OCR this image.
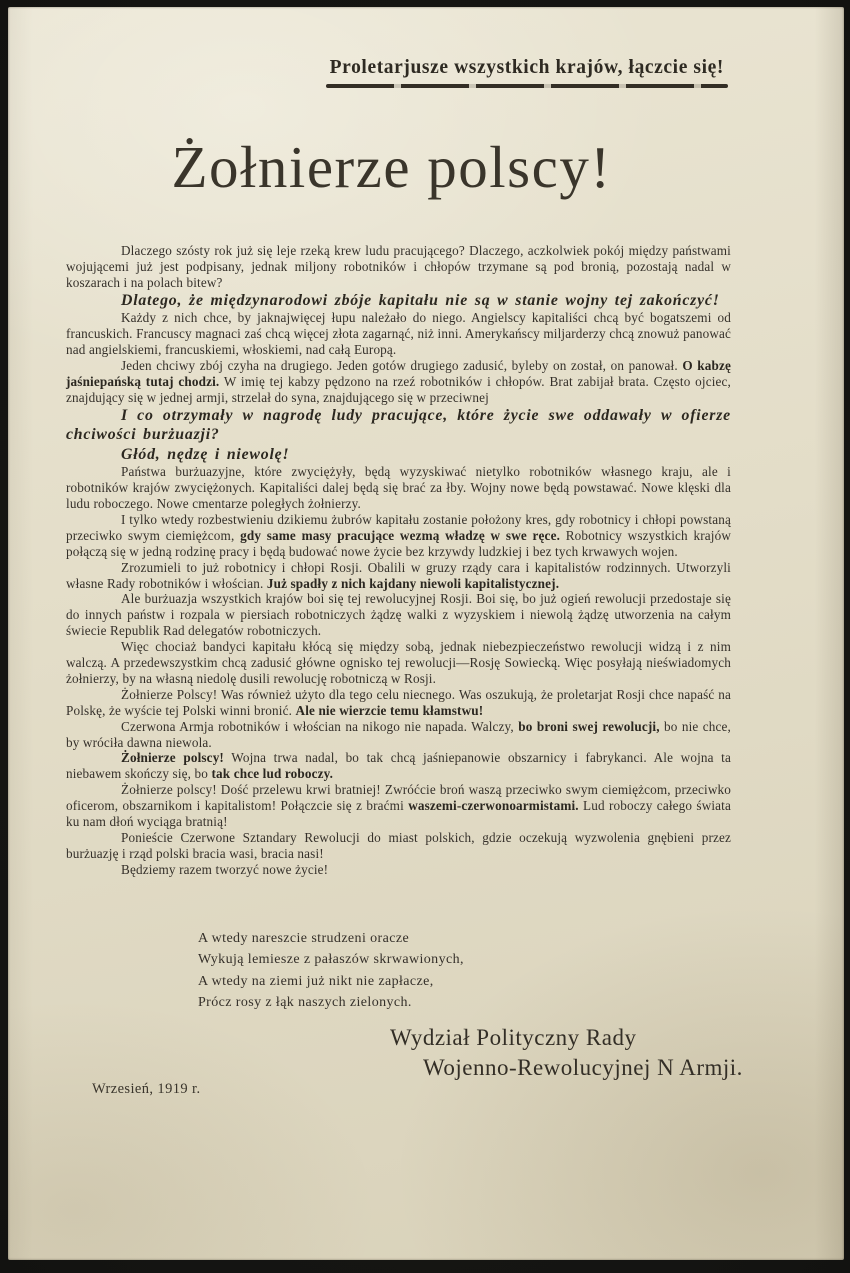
Proletarjusze wszystkich krajów, łączcie się!
Żołnierze polscy!

Dlaczego szósty rok już się leje rzeką krew ludu pracującego? Dlaczego, aczkolwiek pokój między państwami wojującemi już jest podpisany, jednak miljony robotników i chłopów trzymane są pod bronią, pozostają nadal w koszarach i na polach bitew?

Dlatego, że międzynarodowi zbóje kapitału nie są w stanie wojny tej zakończyć!

Każdy z nich chce, by jaknajwięcej łupu należało do niego. Angielscy kapitaliści chcą być bogatszemi od francuskich. Francuscy magnaci zaś chcą więcej złota zagarnąć, niż inni. Amerykańscy miljarderzy chcą znowuż panować nad angielskiemi, francuskiemi, włoskiemi, nad całą Europą.

Jeden chciwy zbój czyha na drugiego. Jeden gotów drugiego zadusić, byleby on został, on panował. O kabzę jaśniepańską tutaj chodzi. W imię tej kabzy pędzono na rzeź robotników i chłopów. Brat zabijał brata. Często ojciec, znajdujący się w jednej armji, strzelał do syna, znajdującego się w przeciwnej

I co otrzymały w nagrodę ludy pracujące, które życie swe oddawały w ofierze chciwości burżuazji?

Głód, nędzę i niewolę!

Państwa burżuazyjne, które zwyciężyły, będą wyzyskiwać nietylko robotników własnego kraju, ale i robotników krajów zwyciężonych. Kapitaliści dalej będą się brać za łby. Wojny nowe będą powstawać. Nowe klęski dla ludu roboczego. Nowe cmentarze poległych żołnierzy.

I tylko wtedy rozbestwieniu dzikiemu żubrów kapitału zostanie położony kres, gdy robotnicy i chłopi powstaną przeciwko swym ciemiężcom, gdy same masy pracujące wezmą władzę w swe ręce. Robotnicy wszystkich krajów połączą się w jedną rodzinę pracy i będą budować nowe życie bez krzywdy ludzkiej i bez tych krwawych wojen.

Zrozumieli to już robotnicy i chłopi Rosji. Obalili w gruzy rządy cara i kapitalistów rodzinnych. Utworzyli własne Rady robotników i włościan. Już spadły z nich kajdany niewoli kapitalistycznej.

Ale burżuazja wszystkich krajów boi się tej rewolucyjnej Rosji. Boi się, bo już ogień rewolucji przedostaje się do innych państw i rozpala w piersiach robotniczych żądzę walki z wyzyskiem i niewolą żądzę utworzenia na całym świecie Republik Rad delegatów robotniczych.

Więc chociaż bandyci kapitału kłócą się między sobą, jednak niebezpieczeństwo rewolucji widzą i z nim walczą. A przedewszystkim chcą zadusić główne ognisko tej rewolucji—Rosję Sowiecką. Więc posyłają nieświadomych żołnierzy, by na własną niedolę dusili rewolucję robotniczą w Rosji.

Żołnierze Polscy! Was również użyto dla tego celu niecnego. Was oszukują, że proletarjat Rosji chce napaść na Polskę, że wyście tej Polski winni bronić. Ale nie wierzcie temu kłamstwu!

Czerwona Armja robotników i włościan na nikogo nie napada. Walczy, bo broni swej rewolucji, bo nie chce, by wróciła dawna niewola.

Żołnierze polscy! Wojna trwa nadal, bo tak chcą jaśniepanowie obszarnicy i fabrykanci. Ale wojna ta niebawem skończy się, bo tak chce lud roboczy.

Żołnierze polscy! Dość przelewu krwi bratniej! Zwróćcie broń waszą przeciwko swym ciemiężcom, przeciwko oficerom, obszarnikom i kapitalistom! Połączcie się z braćmi waszemi-czerwonoarmistami. Lud roboczy całego świata ku nam dłoń wyciąga bratnią!

Ponieście Czerwone Sztandary Rewolucji do miast polskich, gdzie oczekują wyzwolenia gnębieni przez burżuazję i rząd polski bracia wasi, bracia nasi!

Będziemy razem tworzyć nowe życie!

A wtedy nareszcie strudzeni oracze
Wykują lemiesze z pałaszów skrwawionych,
A wtedy na ziemi już nikt nie zapłacze,
Prócz rosy z łąk naszych zielonych.
Wydział Polityczny Rady
Wojenno-Rewolucyjnej N Armji.
Wrzesień, 1919 r.
